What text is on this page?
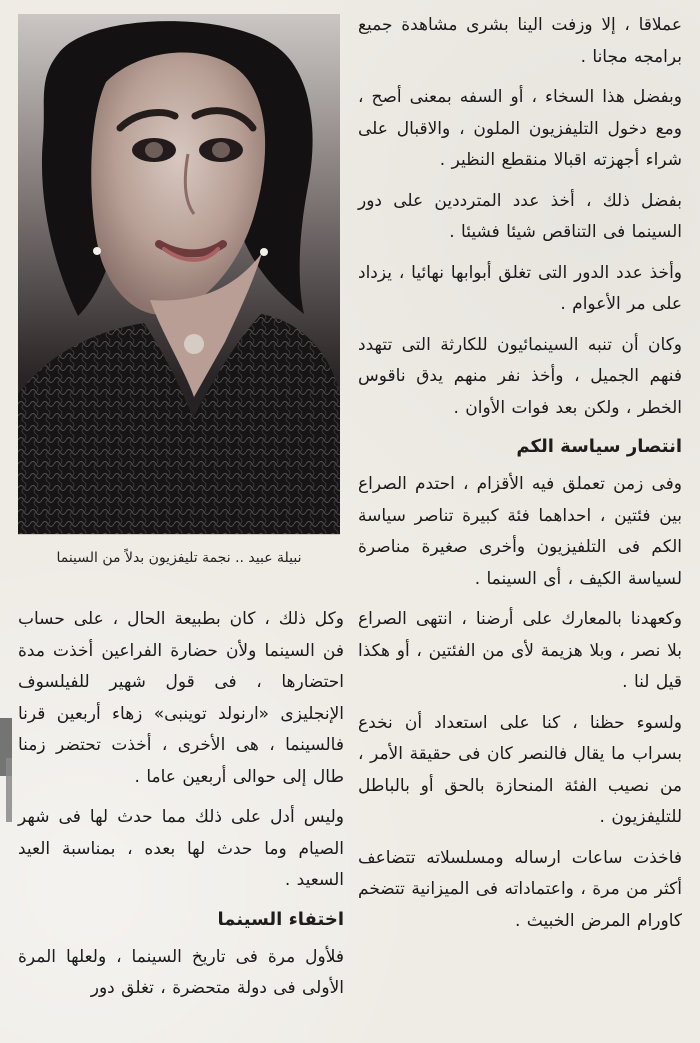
نبيلة عبيد .. نجمة تليفزيون بدلاً من السينما

عملاقا ، إلا وزفت الينا بشرى مشاهدة جميع برامجه مجانا .

وبفضل هذا السخاء ، أو السفه بمعنى أصح ، ومع دخول التليفزيون الملون ، والاقبال على شراء أجهزته اقبالا منقطع النظير .

بفضل ذلك ، أخذ عدد المترددين على دور السينما فى التناقص شيئا فشيئا .

وأخذ عدد الدور التى تغلق أبوابها نهائيا ، يزداد على مر الأعوام .

وكان أن تنبه السينمائيون للكارثة التى تتهدد فنهم الجميل ، وأخذ نفر منهم يدق ناقوس الخطر ، ولكن بعد فوات الأوان .

انتصار سياسة الكم

وفى زمن تعملق فيه الأقزام ، احتدم الصراع بين فئتين ، احداهما فئة كبيرة تناصر سياسة الكم فى التلفيزيون وأخرى صغيرة مناصرة لسياسة الكيف ، أى السينما .

وكعهدنا بالمعارك على أرضنا ، انتهى الصراع بلا نصر ، وبلا هزيمة لأى من الفئتين ، أو هكذا قيل لنا .

ولسوء حظنا ، كنا على استعداد أن نخدع بسراب ما يقال فالنصر كان فى حقيقة الأمر ، من نصيب الفئة المنحازة بالحق أو بالباطل للتليفزيون .

فاخذت ساعات ارساله ومسلسلاته تتضاعف أكثر من مرة ، واعتماداته فى الميزانية تتضخم كاورام المرض الخبيث .

وكل ذلك ، كان بطبيعة الحال ، على حساب فن السينما ولأن حضارة الفراعين أخذت مدة احتضارها ، فى قول شهير للفيلسوف الإنجليزى «ارنولد توينبى» زهاء أربعين قرنا فالسينما ، هى الأخرى ، أخذت تحتضر زمنا طال إلى حوالى أربعين عاما .

وليس أدل على ذلك مما حدث لها فى شهر الصيام وما حدث لها بعده ، بمناسبة العيد السعيد .

اختفاء السينما

فلأول مرة فى تاريخ السينما ، ولعلها المرة الأولى فى دولة متحضرة ، تغلق دور
